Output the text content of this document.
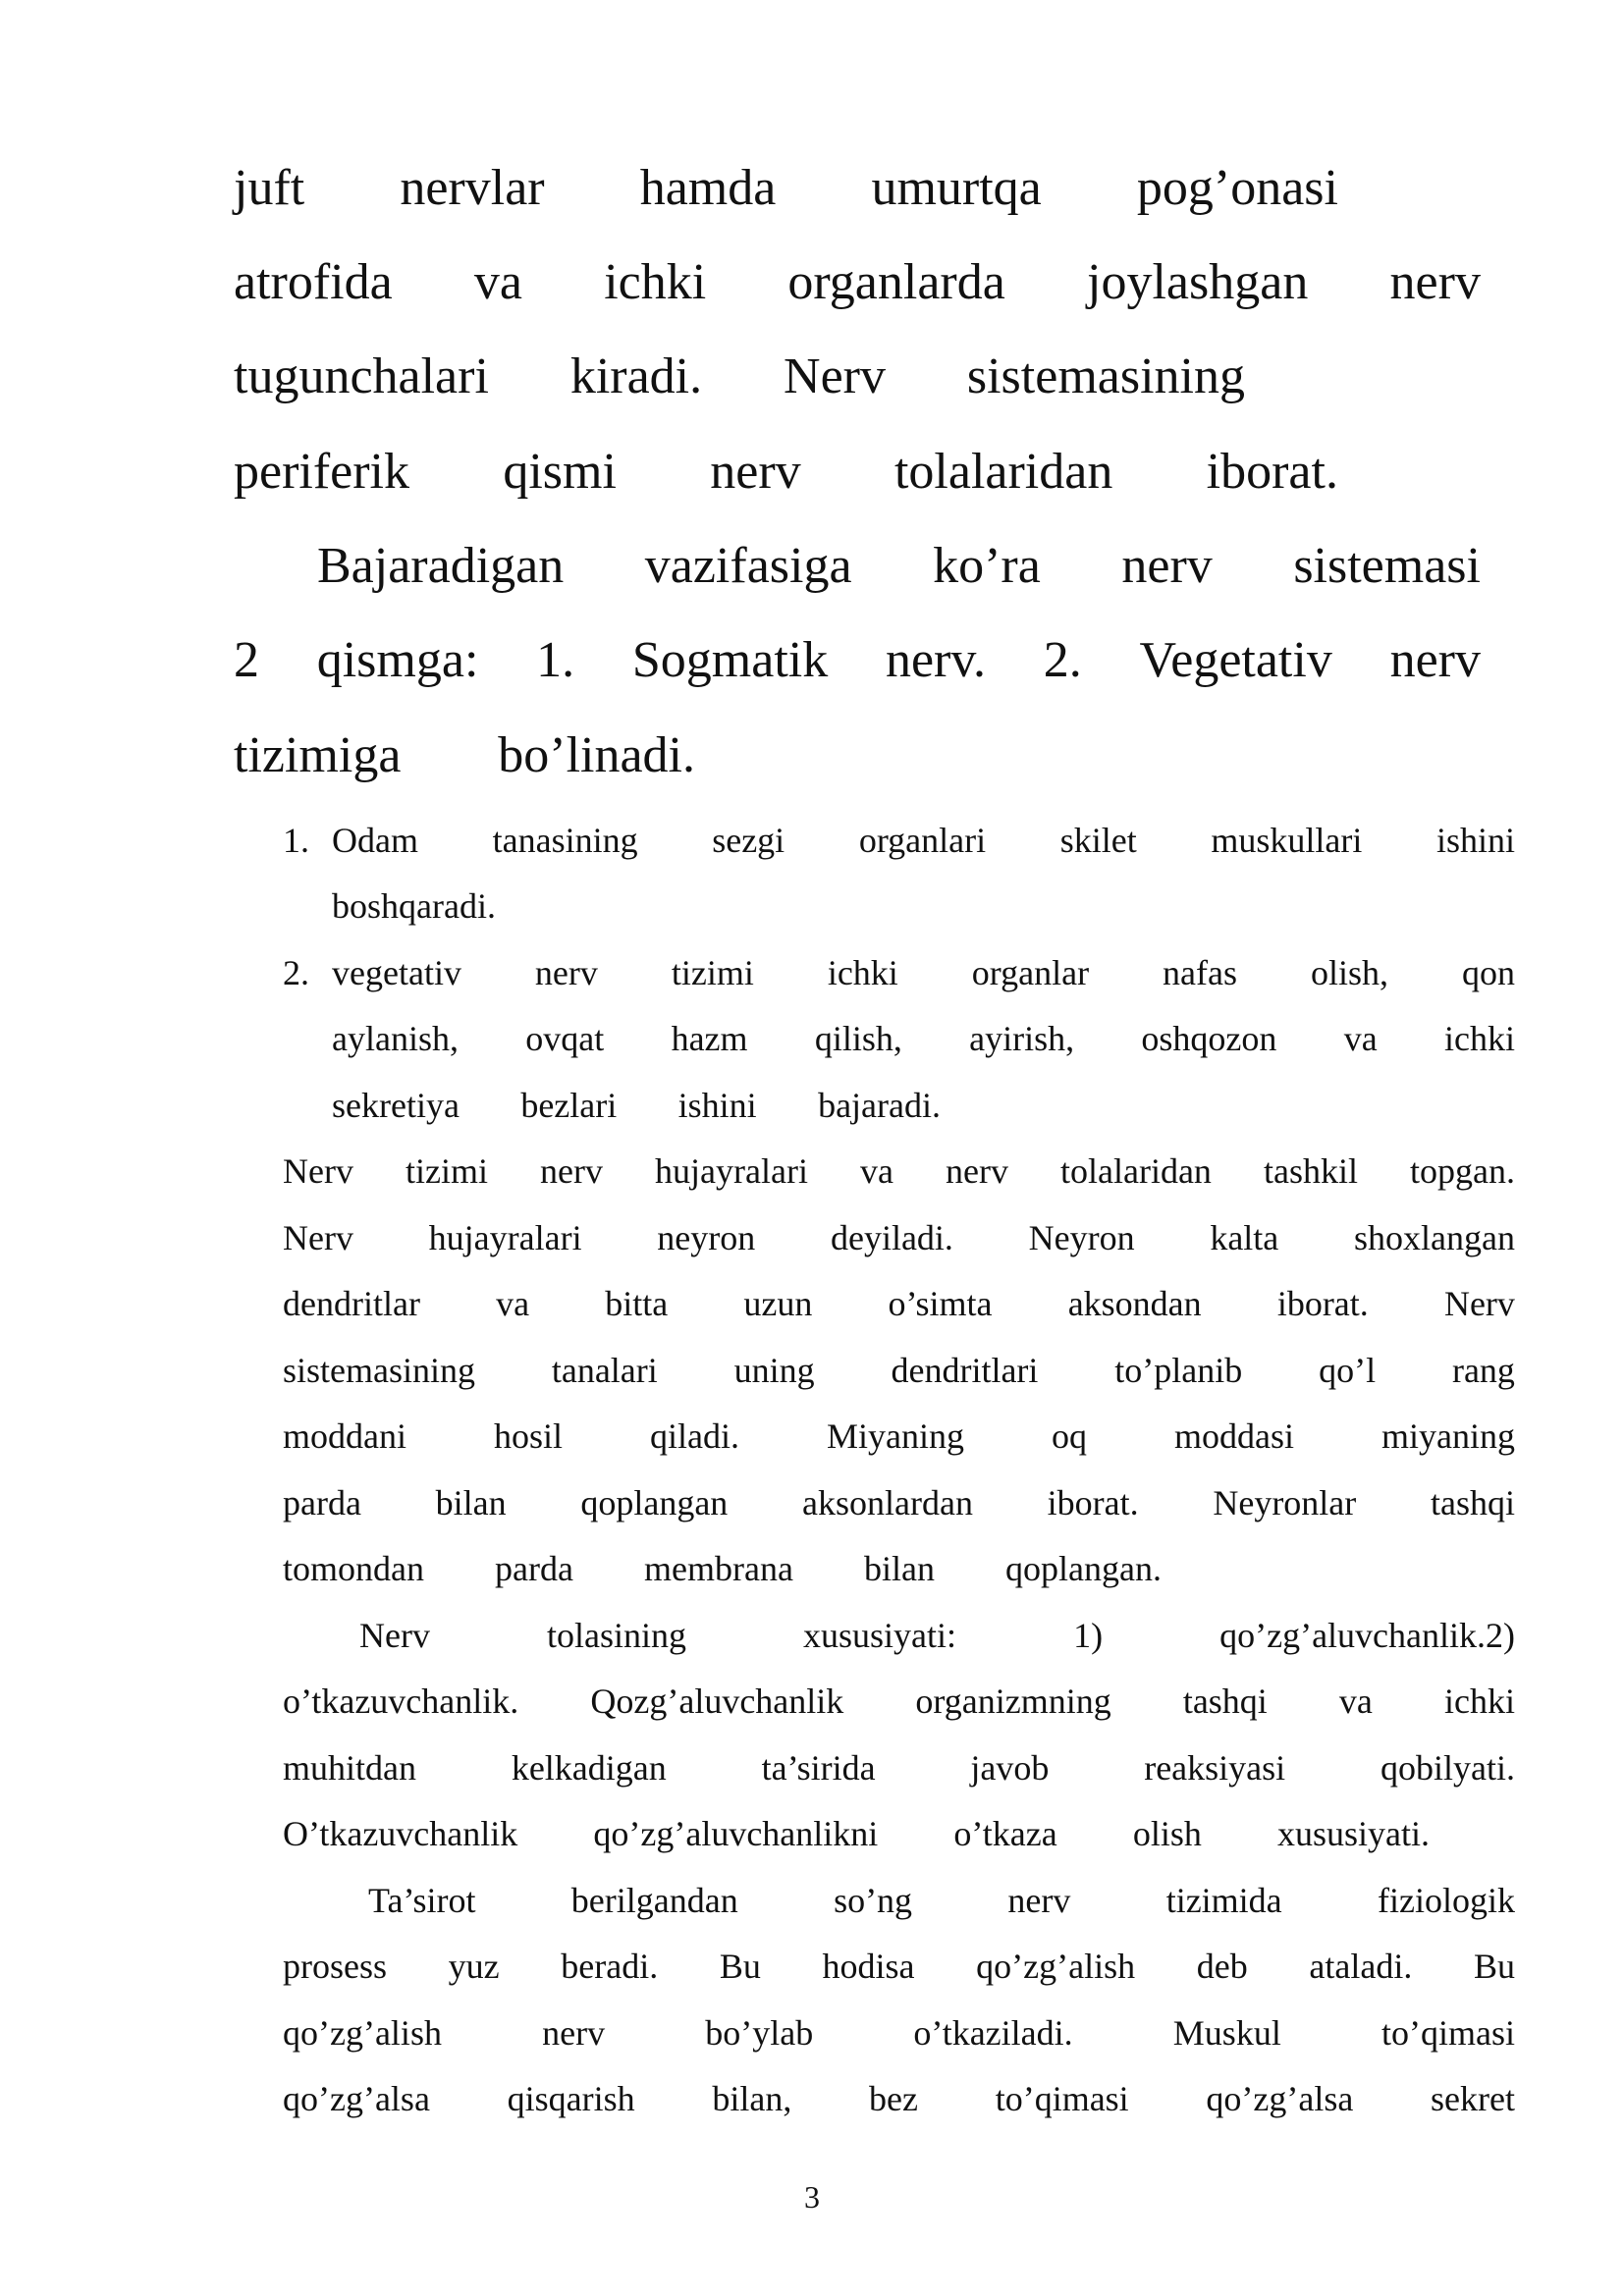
juft nervlar hamda umurtqa pog’onasi
atrofida va ichki organlarda joylashgan nerv
tugunchalari kiradi. Nerv sistemasining
periferik qismi nerv tolalaridan iborat.
Bajaradigan vazifasiga ko’ra nerv sistemasi
2 qismga: 1. Sogmatik nerv. 2. Vegetativ nerv
tizimiga bo’linadi.
1. Odam tanasining sezgi organlari skilet muskullari ishini
boshqaradi.
2. vegetativ nerv tizimi ichki organlar nafas olish, qon
aylanish, ovqat hazm qilish, ayirish, oshqozon va ichki
sekretiya bezlari ishini bajaradi.
Nerv tizimi nerv hujayralari va nerv tolalaridan tashkil topgan.
Nerv hujayralari neyron deyiladi. Neyron kalta shoxlangan
dendritlar va bitta uzun o’simta aksondan iborat. Nerv
sistemasining tanalari uning dendritlari to’planib qo’l rang
moddani hosil qiladi. Miyaning oq moddasi miyaning
parda bilan qoplangan aksonlardan iborat. Neyronlar tashqi
tomondan parda membrana bilan qoplangan.
Nerv	tolasining	xususiyati:	1)	qo’zg’aluvchanlik.2)
o’tkazuvchanlik. Qozg’aluvchanlik organizmning tashqi va ichki
muhitdan	kelkadigan	ta’sirida	javob	reaksiyasi	qobilyati.
O’tkazuvchanlik qo’zg’aluvchanlikni o’tkaza olish xususiyati.
Ta’sirot	berilgandan	so’ng	nerv	tizimida	fiziologik
prosess yuz beradi. Bu hodisa qo’zg’alish deb ataladi. Bu
qo’zg’alish	nerv	bo’ylab	o’tkaziladi.	Muskul	to’qimasi
qo’zg’alsa qisqarish bilan, bez to’qimasi qo’zg’alsa sekret
3
